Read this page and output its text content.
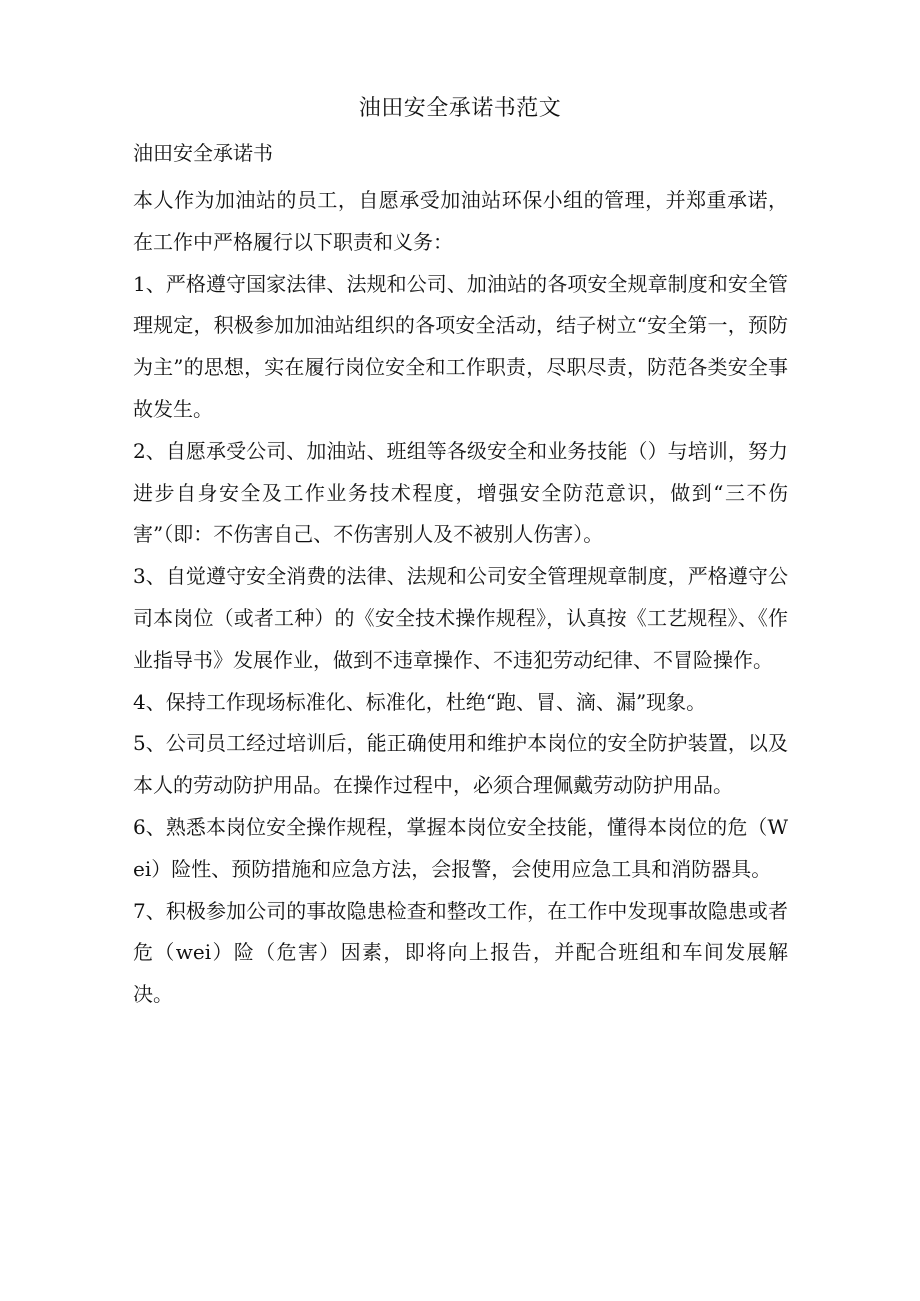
油田安全承诺书范文
油田安全承诺书

本人作为加油站的员工，自愿承受加油站环保小组的管理，并郑重承诺，在工作中严格履行以下职责和义务：

1、严格遵守国家法律、法规和公司、加油站的各项安全规章制度和安全管理规定，积极参加加油站组织的各项安全活动，结子树立“安全第一，预防为主”的思想，实在履行岗位安全和工作职责，尽职尽责，防范各类安全事故发生。

2、自愿承受公司、加油站、班组等各级安全和业务技能（）与培训，努力进步自身安全及工作业务技术程度，增强安全防范意识，做到“三不伤害”（即：不伤害自己、不伤害别人及不被别人伤害）。

3、自觉遵守安全消费的法律、法规和公司安全管理规章制度，严格遵守公司本岗位（或者工种）的《安全技术操作规程》，认真按《工艺规程》、《作业指导书》发展作业，做到不违章操作、不违犯劳动纪律、不冒险操作。

4、保持工作现场标准化、标准化，杜绝“跑、冒、滴、漏”现象。

5、公司员工经过培训后，能正确使用和维护本岗位的安全防护装置，以及本人的劳动防护用品。在操作过程中，必须合理佩戴劳动防护用品。

6、熟悉本岗位安全操作规程，掌握本岗位安全技能，懂得本岗位的危（Wei）险性、预防措施和应急方法，会报警，会使用应急工具和消防器具。

7、积极参加公司的事故隐患检查和整改工作，在工作中发现事故隐患或者危（wei）险（危害）因素，即将向上报告，并配合班组和车间发展解决。
